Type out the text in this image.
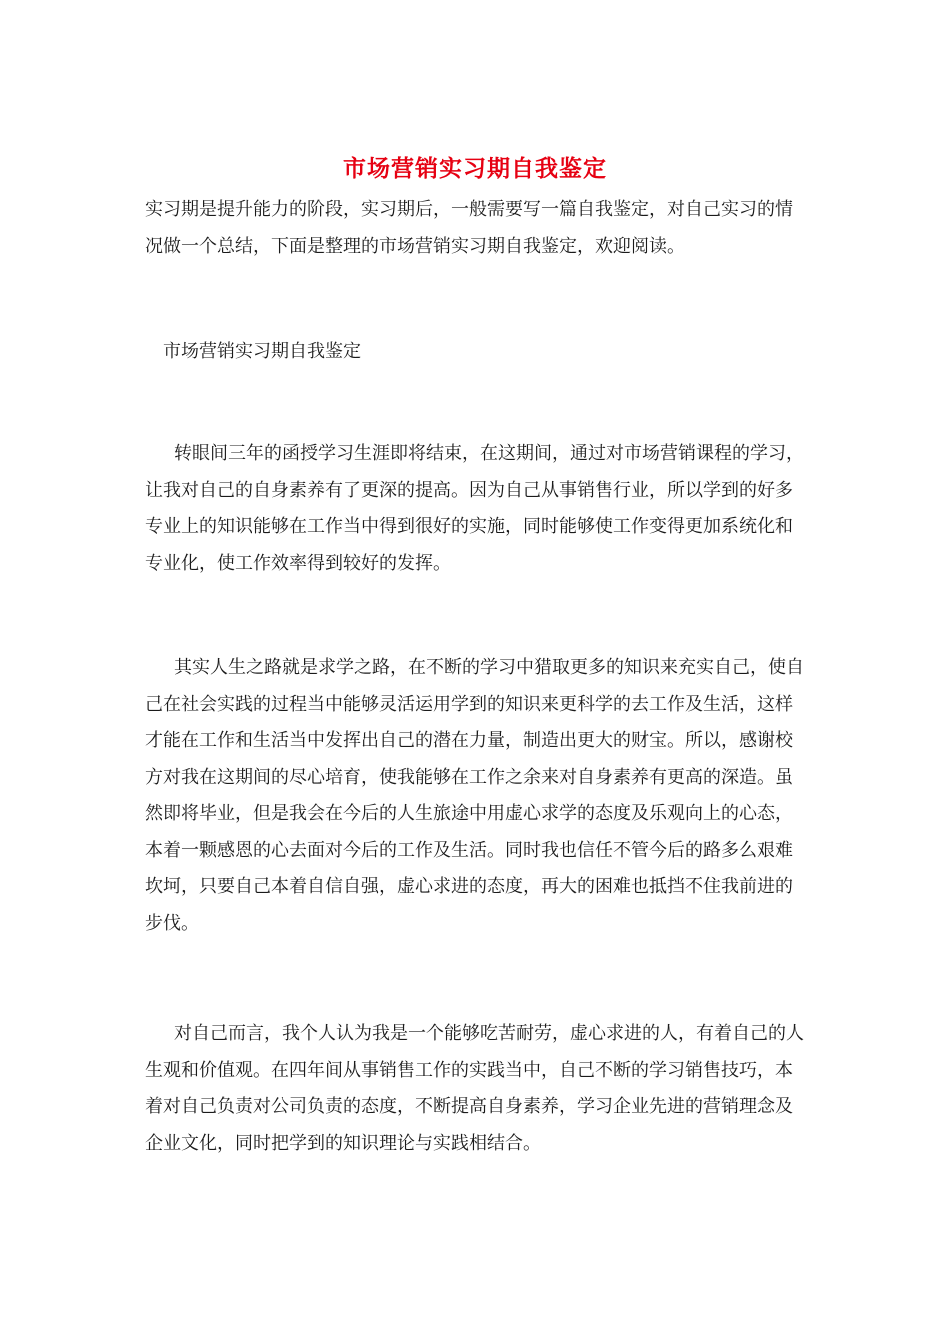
市场营销实习期自我鉴定

实习期是提升能力的阶段，实习期后，一般需要写一篇自我鉴定，对自己实习的情况做一个总结，下面是整理的市场营销实习期自我鉴定，欢迎阅读。

市场营销实习期自我鉴定

转眼间三年的函授学习生涯即将结束，在这期间，通过对市场营销课程的学习，让我对自己的自身素养有了更深的提高。因为自己从事销售行业，所以学到的好多专业上的知识能够在工作当中得到很好的实施，同时能够使工作变得更加系统化和专业化，使工作效率得到较好的发挥。

其实人生之路就是求学之路，在不断的学习中猎取更多的知识来充实自己，使自己在社会实践的过程当中能够灵活运用学到的知识来更科学的去工作及生活，这样才能在工作和生活当中发挥出自己的潜在力量，制造出更大的财宝。所以，感谢校方对我在这期间的尽心培育，使我能够在工作之余来对自身素养有更高的深造。虽然即将毕业，但是我会在今后的人生旅途中用虚心求学的态度及乐观向上的心态，本着一颗感恩的心去面对今后的工作及生活。同时我也信任不管今后的路多么艰难坎坷，只要自己本着自信自强，虚心求进的态度，再大的困难也抵挡不住我前进的步伐。

对自己而言，我个人认为我是一个能够吃苦耐劳，虚心求进的人，有着自己的人生观和价值观。在四年间从事销售工作的实践当中，自己不断的学习销售技巧，本着对自己负责对公司负责的态度，不断提高自身素养，学习企业先进的营销理念及企业文化，同时把学到的知识理论与实践相结合。
